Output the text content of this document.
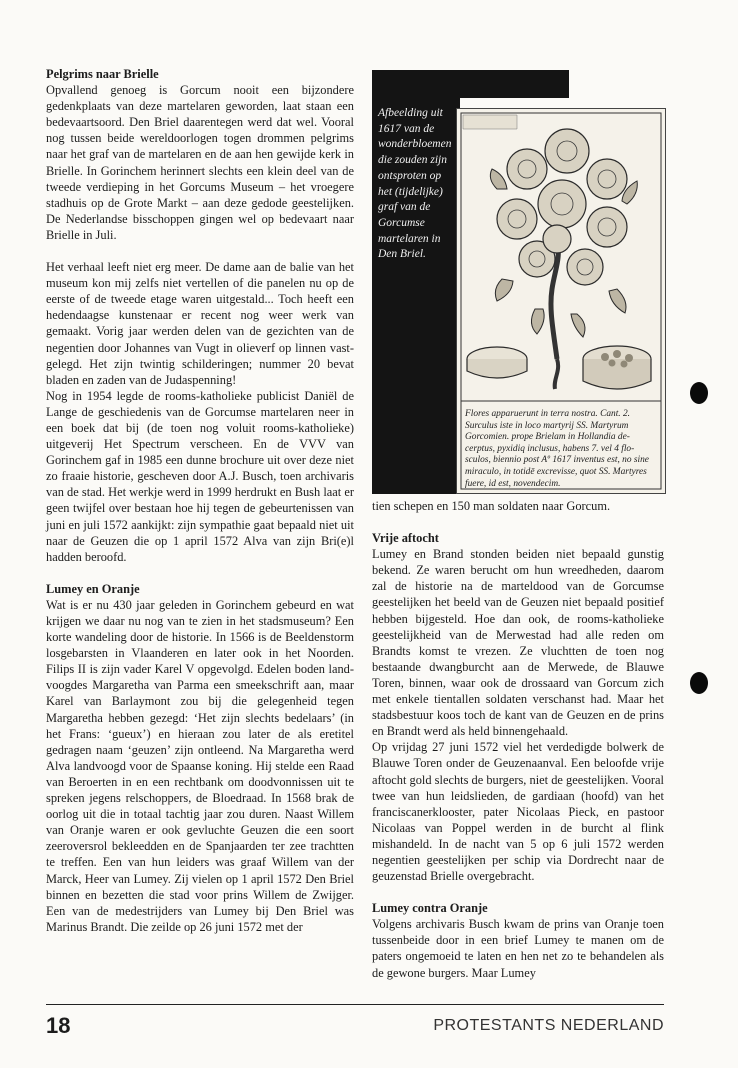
Pelgrims naar Brielle

Opvallend genoeg is Gorcum nooit een bijzondere gedenkplaats van deze martelaren geworden, laat staan een bedevaartsoord. Den Briel daarentegen werd dat wel. Vooral nog tussen beide wereldoorlogen togen drommen pelgrims naar het graf van de martelaren en de aan hen gewijde kerk in Brielle. In Gorinchem herinnert slechts een klein deel van de tweede verdieping in het Gorcums Museum – het vroegere stadhuis op de Grote Markt – aan deze gedode geestelijken. De Nederlandse bisschoppen gingen wel op bedevaart naar Brielle in Juli.

Het verhaal leeft niet erg meer. De dame aan de balie van het museum kon mij zelfs niet vertellen of die panelen nu op de eerste of de tweede etage waren uitgestald... Toch heeft een hedendaagse kunstenaar er recent nog weer werk van gemaakt. Vorig jaar werden delen van de gezichten van de negentien door Johannes van Vugt in olieverf op linnen vastgelegd. Het zijn twintig schilderingen; nummer 20 bevat bladen en zaden van de Judaspenning!

Nog in 1954 legde de rooms-katholieke publicist Daniël de Lange de geschiedenis van de Gorcumse martelaren neer in een boek dat bij (de toen nog voluit rooms-katholieke) uitgeverij Het Spectrum verscheen. En de VVV van Gorinchem gaf in 1985 een dunne brochure uit over deze niet zo fraaie historie, gescheven door A.J. Busch, toen archivaris van de stad. Het werkje werd in 1999 herdrukt en Bush laat er geen twijfel over bestaan hoe hij tegen de gebeurtenissen van juni en juli 1572 aankijkt: zijn sympathie gaat bepaald niet uit naar de Geuzen die op 1 april 1572 Alva van zijn Bri(e)l hadden beroofd.

Lumey en Oranje

Wat is er nu 430 jaar geleden in Gorinchem gebeurd en wat krijgen we daar nu nog van te zien in het stadsmuseum? Een korte wandeling door de historie. In 1566 is de Beeldenstorm losgebarsten in Vlaanderen en later ook in het Noorden. Filips II is zijn vader Karel V opgevolgd. Edelen boden landvoogdes Margaretha van Parma een smeekschrift aan, maar Karel van Barlaymont zou bij die gelegenheid tegen Margaretha hebben gezegd: ‘Het zijn slechts bedelaars’ (in het Frans: ‘gueux’) en hieraan zou later de als eretitel gedragen naam ‘geuzen’ zijn ontleend. Na Margaretha werd Alva landvoogd voor de Spaanse koning. Hij stelde een Raad van Beroerten in en een rechtbank om doodvonnissen uit te spreken jegens relschoppers, de Bloedraad. In 1568 brak de oorlog uit die in totaal tachtig jaar zou duren. Naast Willem van Oranje waren er ook gevluchte Geuzen die een soort zeeroversrol bekleedden en de Spanjaarden ter zee trachtten te treffen. Een van hun leiders was graaf Willem van der Marck, Heer van Lumey. Zij vielen op 1 april 1572 Den Briel binnen en bezetten die stad voor prins Willem de Zwijger. Een van de medestrijders van Lumey bij Den Briel was Marinus Brandt. Die zeilde op 26 juni 1572 met der

Afbeelding uit 1617 van de wonderbloemen die zouden zijn ontsproten op het (tijdelijke) graf van de Gorcumse martelaren in Den Briel.
Flores apparuerunt in terra nostra. Cant. 2. Surculus iste in loco martyrij SS. Martyrum Gorcomien. prope Brielam in Hollandia decerptus, pyxidiq inclusus, habens 7. vel 4 flosculos, biennio post Aº 1617 inventus est, no sine miraculo, in totidē excrevisse, quot SS. Martyres fuere, id est, novendecim.

tien schepen en 150 man soldaten naar Gorcum.

Vrije aftocht

Lumey en Brand stonden beiden niet bepaald gunstig bekend. Ze waren berucht om hun wreedheden, daarom zal de historie na de marteldood van de Gorcumse geestelijken het beeld van de Geuzen niet bepaald positief hebben bijgesteld. Hoe dan ook, de rooms-katholieke geestelijkheid van de Merwestad had alle reden om Brandts komst te vrezen. Ze vluchtten de toen nog bestaande dwangburcht aan de Merwede, de Blauwe Toren, binnen, waar ook de drossaard van Gorcum zich met enkele tientallen soldaten verschanst had. Maar het stadsbestuur koos toch de kant van de Geuzen en de prins en Brandt werd als held binnengehaald.

Op vrijdag 27 juni 1572 viel het verdedigde bolwerk de Blauwe Toren onder de Geuzenaanval. Een beloofde vrije aftocht gold slechts de burgers, niet de geestelijken. Vooral twee van hun leidslieden, de gardiaan (hoofd) van het franciscanerklooster, pater Nicolaas Pieck, en pastoor Nicolaas van Poppel werden in de burcht al flink mishandeld. In de nacht van 5 op 6 juli 1572 werden negentien geestelijken per schip via Dordrecht naar de geuzenstad Brielle overgebracht.

Lumey contra Oranje

Volgens archivaris Busch kwam de prins van Oranje toen tussenbeide door in een brief Lumey te manen om de paters ongemoeid te laten en hen net zo te behandelen als de gewone burgers. Maar Lumey

18	PROTESTANTS NEDERLAND
